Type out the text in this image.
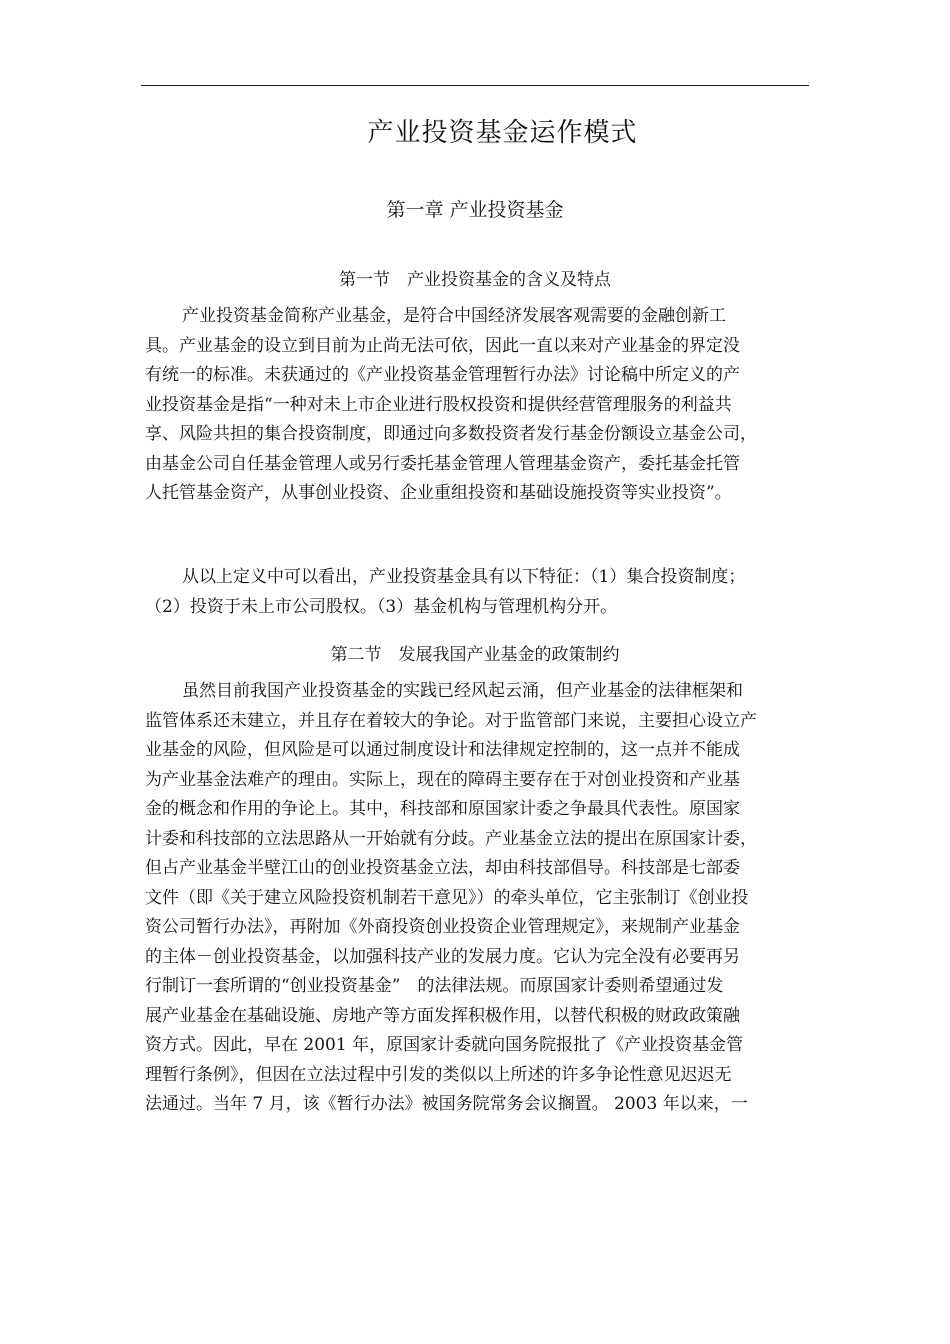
产业投资基金运作模式
第一章 产业投资基金
第一节　产业投资基金的含义及特点
产业投资基金简称产业基金，是符合中国经济发展客观需要的金融创新工
具。产业基金的设立到目前为止尚无法可依，因此一直以来对产业基金的界定没
有统一的标准。未获通过的《产业投资基金管理暂行办法》讨论稿中所定义的产
业投资基金是指“一种对未上市企业进行股权投资和提供经营管理服务的利益共
享、风险共担的集合投资制度，即通过向多数投资者发行基金份额设立基金公司，
由基金公司自任基金管理人或另行委托基金管理人管理基金资产，委托基金托管
人托管基金资产，从事创业投资、企业重组投资和基础设施投资等实业投资”。
从以上定义中可以看出，产业投资基金具有以下特征：（1）集合投资制度；
（2）投资于未上市公司股权。（3）基金机构与管理机构分开。
第二节　发展我国产业基金的政策制约
虽然目前我国产业投资基金的实践已经风起云涌，但产业基金的法律框架和
监管体系还未建立，并且存在着较大的争论。对于监管部门来说，主要担心设立产
业基金的风险，但风险是可以通过制度设计和法律规定控制的，这一点并不能成
为产业基金法难产的理由。实际上，现在的障碍主要存在于对创业投资和产业基
金的概念和作用的争论上。其中，科技部和原国家计委之争最具代表性。原国家
计委和科技部的立法思路从一开始就有分歧。产业基金立法的提出在原国家计委，
但占产业基金半壁江山的创业投资基金立法，却由科技部倡导。科技部是七部委
文件（即《关于建立风险投资机制若干意见》）的牵头单位，它主张制订《创业投
资公司暂行办法》，再附加《外商投资创业投资企业管理规定》，来规制产业基金
的主体－创业投资基金，以加强科技产业的发展力度。它认为完全没有必要再另
行制订一套所谓的“创业投资基金”　的法律法规。而原国家计委则希望通过发
展产业基金在基础设施、房地产等方面发挥积极作用，以替代积极的财政政策融
资方式。因此，早在 2001 年，原国家计委就向国务院报批了《产业投资基金管
理暂行条例》，但因在立法过程中引发的类似以上所述的许多争论性意见迟迟无
法通过。当年 7 月，该《暂行办法》被国务院常务会议搁置。 2003 年以来，一
